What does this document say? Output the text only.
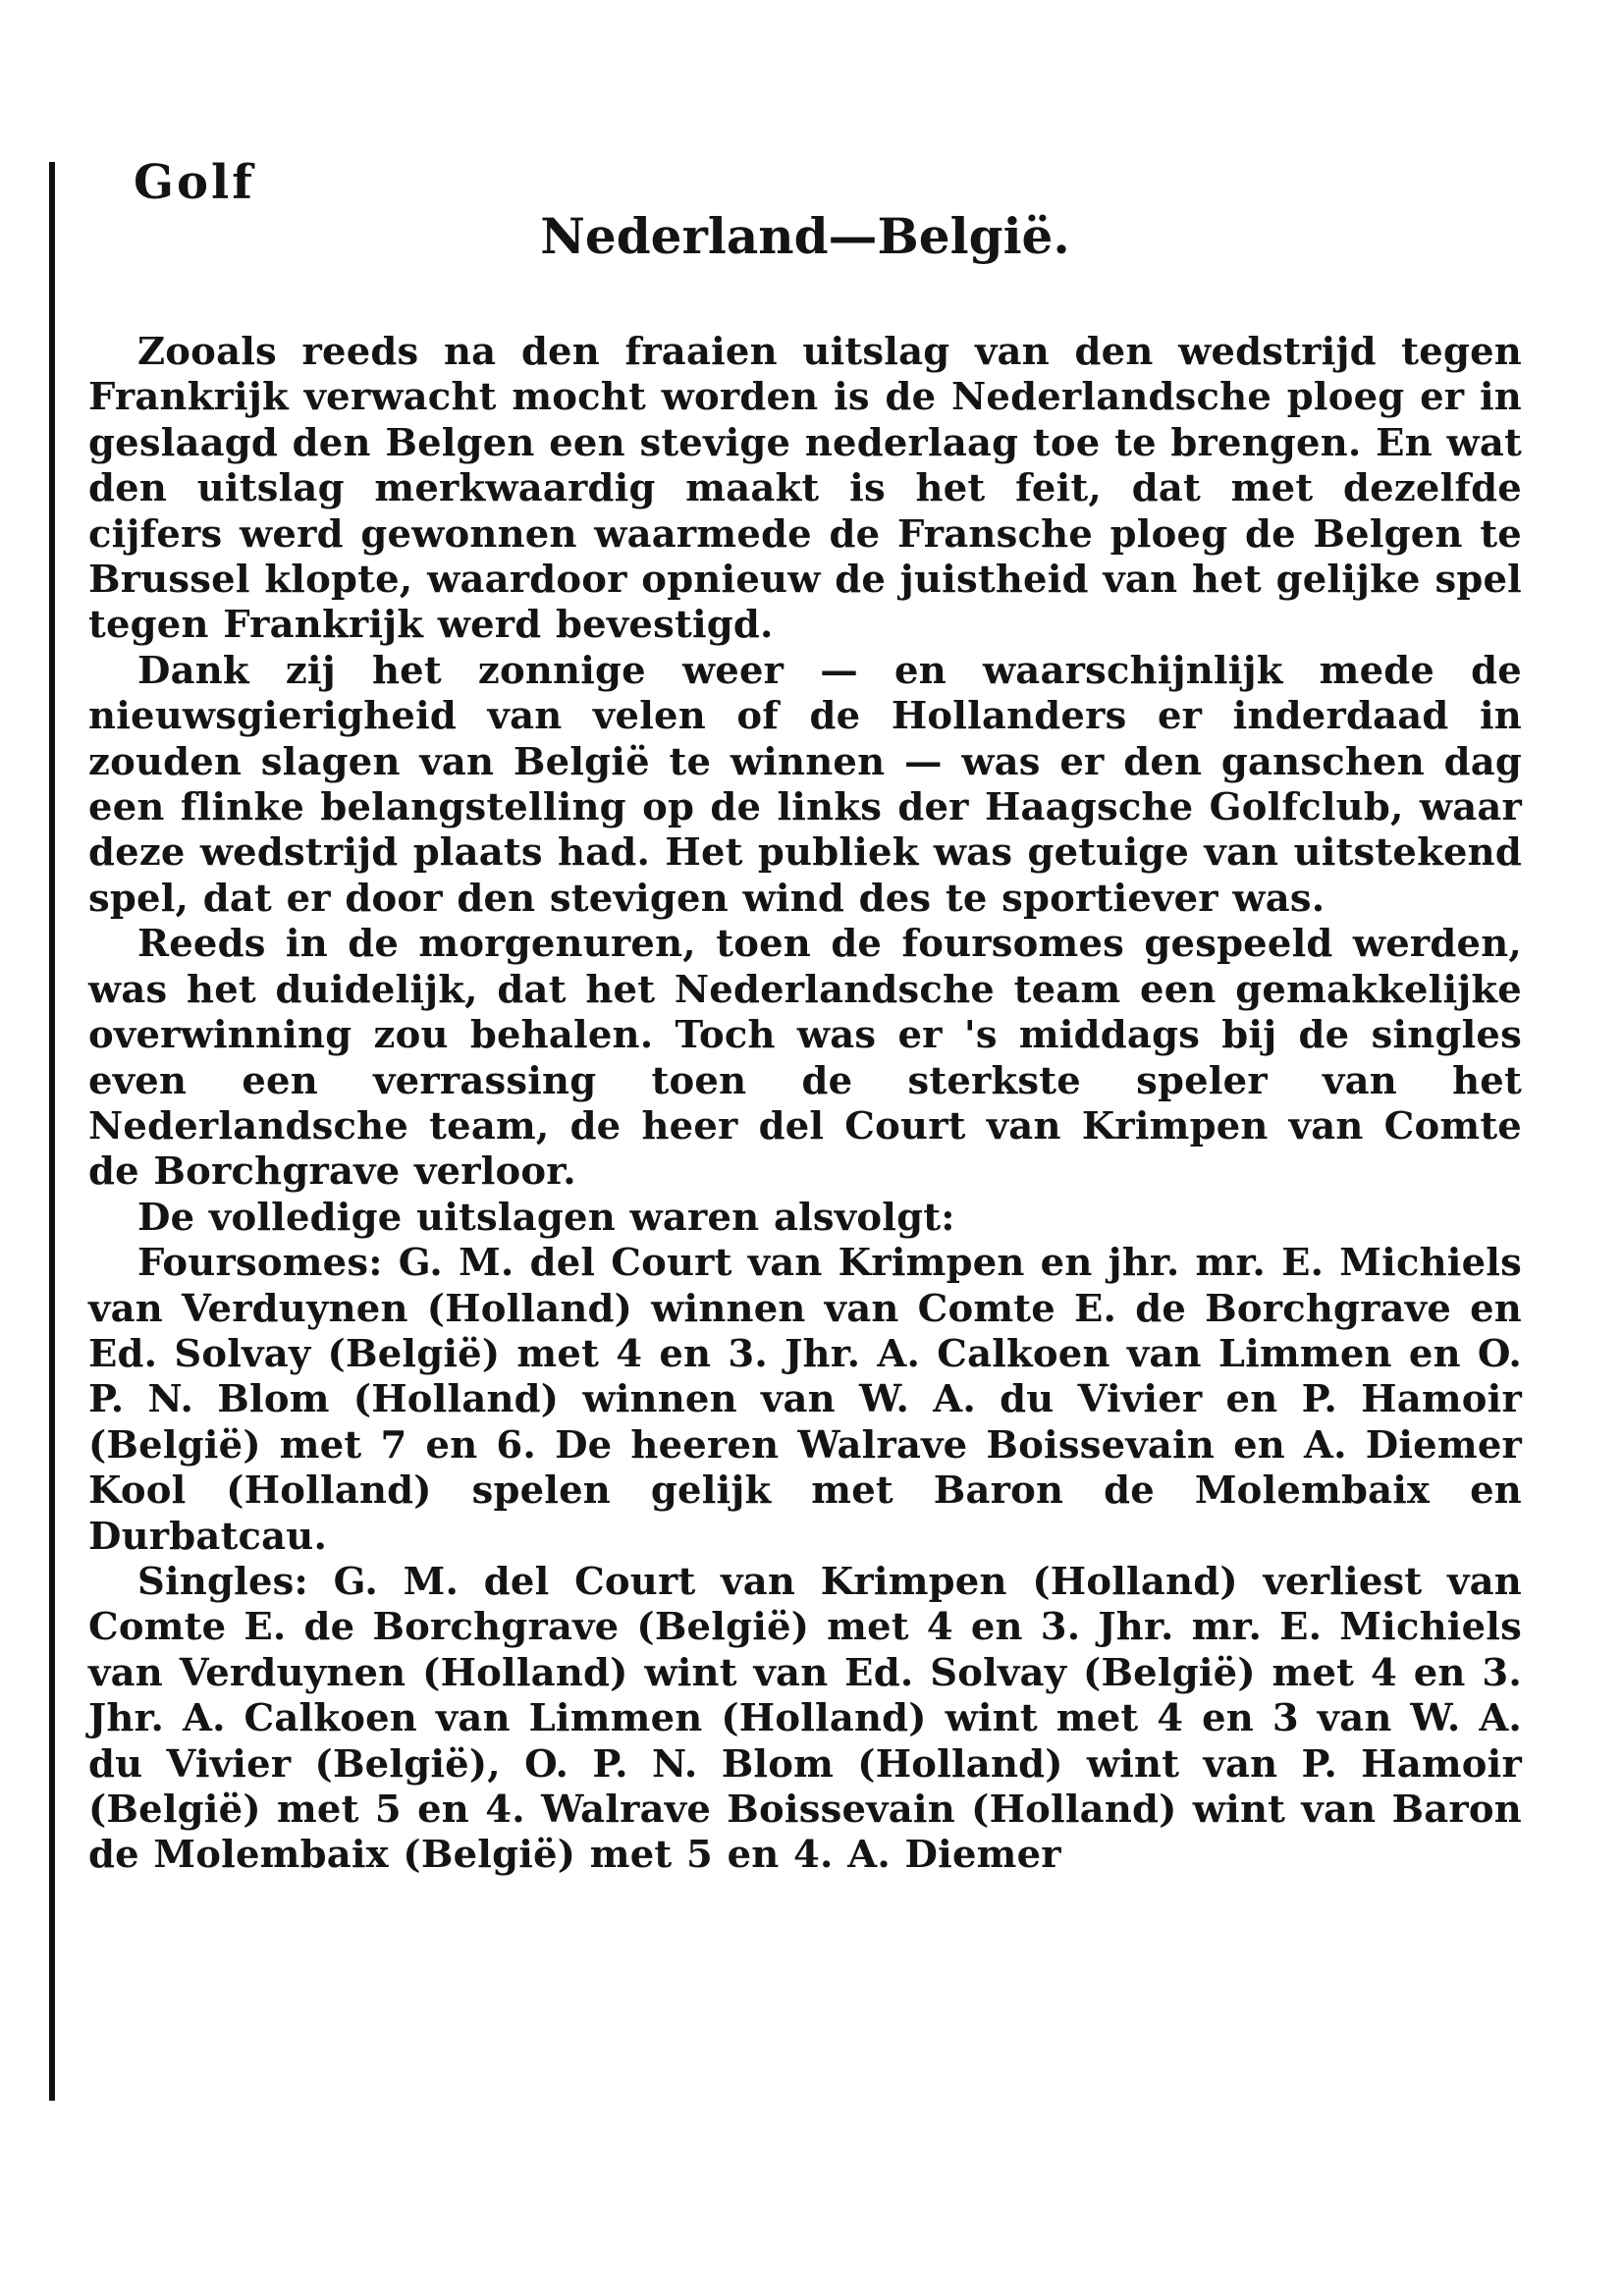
Golf
Nederland—België.

Zooals reeds na den fraaien uitslag van den wedstrijd tegen Frankrijk verwacht mocht worden is de Nederlandsche ploeg er in geslaagd den Belgen een stevige nederlaag toe te brengen. En wat den uitslag merkwaardig maakt is het feit, dat met dezelfde cijfers werd gewonnen waarmede de Fransche ploeg de Belgen te Brussel klopte, waardoor opnieuw de juistheid van het gelijke spel tegen Frankrijk werd bevestigd.

Dank zij het zonnige weer — en waarschijnlijk mede de nieuwsgierigheid van velen of de Hollanders er inderdaad in zouden slagen van België te winnen — was er den ganschen dag een flinke belangstelling op de links der Haagsche Golfclub, waar deze wedstrijd plaats had. Het publiek was getuige van uitstekend spel, dat er door den stevigen wind des te sportiever was.

Reeds in de morgenuren, toen de foursomes gespeeld werden, was het duidelijk, dat het Nederlandsche team een gemakkelijke overwinning zou behalen. Toch was er 's middags bij de singles even een verrassing toen de sterkste speler van het Nederlandsche team, de heer del Court van Krimpen van Comte de Borchgrave verloor.

De volledige uitslagen waren alsvolgt:

Foursomes: G. M. del Court van Krimpen en jhr. mr. E. Michiels van Verduynen (Holland) winnen van Comte E. de Borchgrave en Ed. Solvay (België) met 4 en 3. Jhr. A. Calkoen van Limmen en O. P. N. Blom (Holland) winnen van W. A. du Vivier en P. Hamoir (België) met 7 en 6. De heeren Walrave Boissevain en A. Diemer Kool (Holland) spelen gelijk met Baron de Molembaix en Durbatcau.

Singles: G. M. del Court van Krimpen (Holland) verliest van Comte E. de Borchgrave (België) met 4 en 3. Jhr. mr. E. Michiels van Verduynen (Holland) wint van Ed. Solvay (België) met 4 en 3. Jhr. A. Calkoen van Limmen (Holland) wint met 4 en 3 van W. A. du Vivier (België), O. P. N. Blom (Holland) wint van P. Hamoir (België) met 5 en 4. Walrave Boissevain (Holland) wint van Baron de Molembaix (België) met 5 en 4. A. Diemer
